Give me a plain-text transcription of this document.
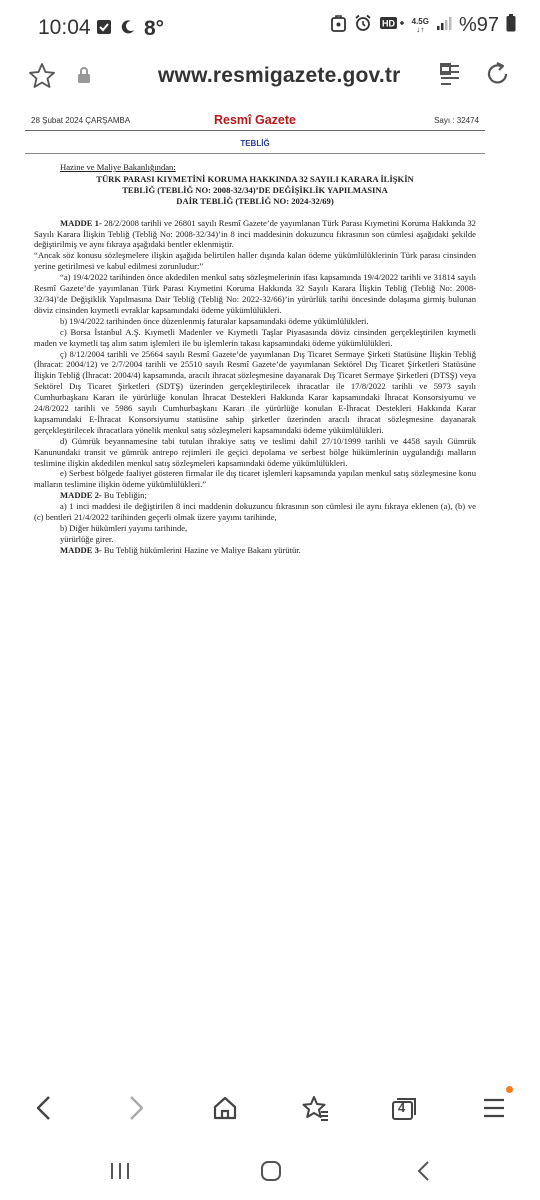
10:04	8°	HD 4.5G
↓↑ %97
www.resmigazete.gov.tr
28 Şubat 2024 ÇARŞAMBA	Resmî Gazete	Sayı : 32474
TEBLİĞ
Hazine ve Maliye Bakanlığından:
TÜRK PARASI KIYMETİNİ KORUMA HAKKINDA 32 SAYILI KARARA İLİŞKİN
TEBLİĞ (TEBLİĞ NO: 2008-32/34)’DE DEĞİŞİKLİK YAPILMASINA
DAİR TEBLİĞ (TEBLİĞ NO: 2024-32/69)

MADDE 1- 28/2/2008 tarihli ve 26801 sayılı Resmî Gazete’de yayımlanan Türk Parası Kıymetini Koruma Hakkında 32 Sayılı Karara İlişkin Tebliğ (Tebliğ No: 2008-32/34)’in 8 inci maddesinin dokuzuncu fıkrasının son cümlesi aşağıdaki şekilde değiştirilmiş ve aynı fıkraya aşağıdaki bentler eklenmiştir.

“Ancak söz konusu sözleşmelere ilişkin aşağıda belirtilen haller dışında kalan ödeme yükümlülüklerinin Türk parası cinsinden yerine getirilmesi ve kabul edilmesi zorunludur:”

“a) 19/4/2022 tarihinden önce akdedilen menkul satış sözleşmelerinin ifası kapsamında 19/4/2022 tarihli ve 31814 sayılı Resmî Gazete’de yayımlanan Türk Parası Kıymetini Koruma Hakkında 32 Sayılı Karara İlişkin Tebliğ (Tebliğ No: 2008-32/34)’de Değişiklik Yapılmasına Dair Tebliğ (Tebliğ No: 2022-32/66)’in yürürlük tarihi öncesinde dolaşıma girmiş bulunan döviz cinsinden kıymetli evraklar kapsamındaki ödeme yükümlülükleri.

b) 19/4/2022 tarihinden önce düzenlenmiş faturalar kapsamındaki ödeme yükümlülükleri.

c) Borsa İstanbul A.Ş. Kıymetli Madenler ve Kıymetli Taşlar Piyasasında döviz cinsinden gerçekleştirilen kıymetli maden ve kıymetli taş alım satım işlemleri ile bu işlemlerin takası kapsamındaki ödeme yükümlülükleri.

ç) 8/12/2004 tarihli ve 25664 sayılı Resmî Gazete’de yayımlanan Dış Ticaret Sermaye Şirketi Statüsüne İlişkin Tebliğ (İhracat: 2004/12) ve 2/7/2004 tarihli ve 25510 sayılı Resmî Gazete’de yayımlanan Sektörel Dış Ticaret Şirketleri Statüsüne İlişkin Tebliğ (İhracat: 2004/4) kapsamında, aracılı ihracat sözleşmesine dayanarak Dış Ticaret Sermaye Şirketleri (DTSŞ) veya Sektörel Dış Ticaret Şirketleri (SDTŞ) üzerinden gerçekleştirilecek ihracatlar ile 17/8/2022 tarihli ve 5973 sayılı Cumhurbaşkanı Kararı ile yürürlüğe konulan İhracat Destekleri Hakkında Karar kapsamındaki İhracat Konsorsiyumu ve 24/8/2022 tarihli ve 5986 sayılı Cumhurbaşkanı Kararı ile yürürlüğe konulan E-İhracat Destekleri Hakkında Karar kapsamındaki E-İhracat Konsorsiyumu statüsüne sahip şirketler üzerinden aracılı ihracat sözleşmesine dayanarak gerçekleştirilecek ihracatlara yönelik menkul satış sözleşmeleri kapsamındaki ödeme yükümlülükleri.

d) Gümrük beyannamesine tabi tutulan ihrakiye satış ve teslimi dahil 27/10/1999 tarihli ve 4458 sayılı Gümrük Kanunundaki transit ve gümrük antrepo rejimleri ile geçici depolama ve serbest bölge hükümlerinin uygulandığı malların teslimine ilişkin akdedilen menkul satış sözleşmeleri kapsamındaki ödeme yükümlülükleri.

e) Serbest bölgede faaliyet gösteren firmalar ile dış ticaret işlemleri kapsamında yapılan menkul satış sözleşmesine konu malların teslimine ilişkin ödeme yükümlülükleri.”

MADDE 2- Bu Tebliğin;

a) 1 inci maddesi ile değiştirilen 8 inci maddenin dokuzuncu fıkrasının son cümlesi ile aynı fıkraya eklenen (a), (b) ve (c) bentleri 21/4/2022 tarihinden geçerli olmak üzere yayımı tarihinde,

b) Diğer hükümleri yayımı tarihinde,

yürürlüğe girer.

MADDE 3- Bu Tebliğ hükümlerini Hazine ve Maliye Bakanı yürütür.

4
